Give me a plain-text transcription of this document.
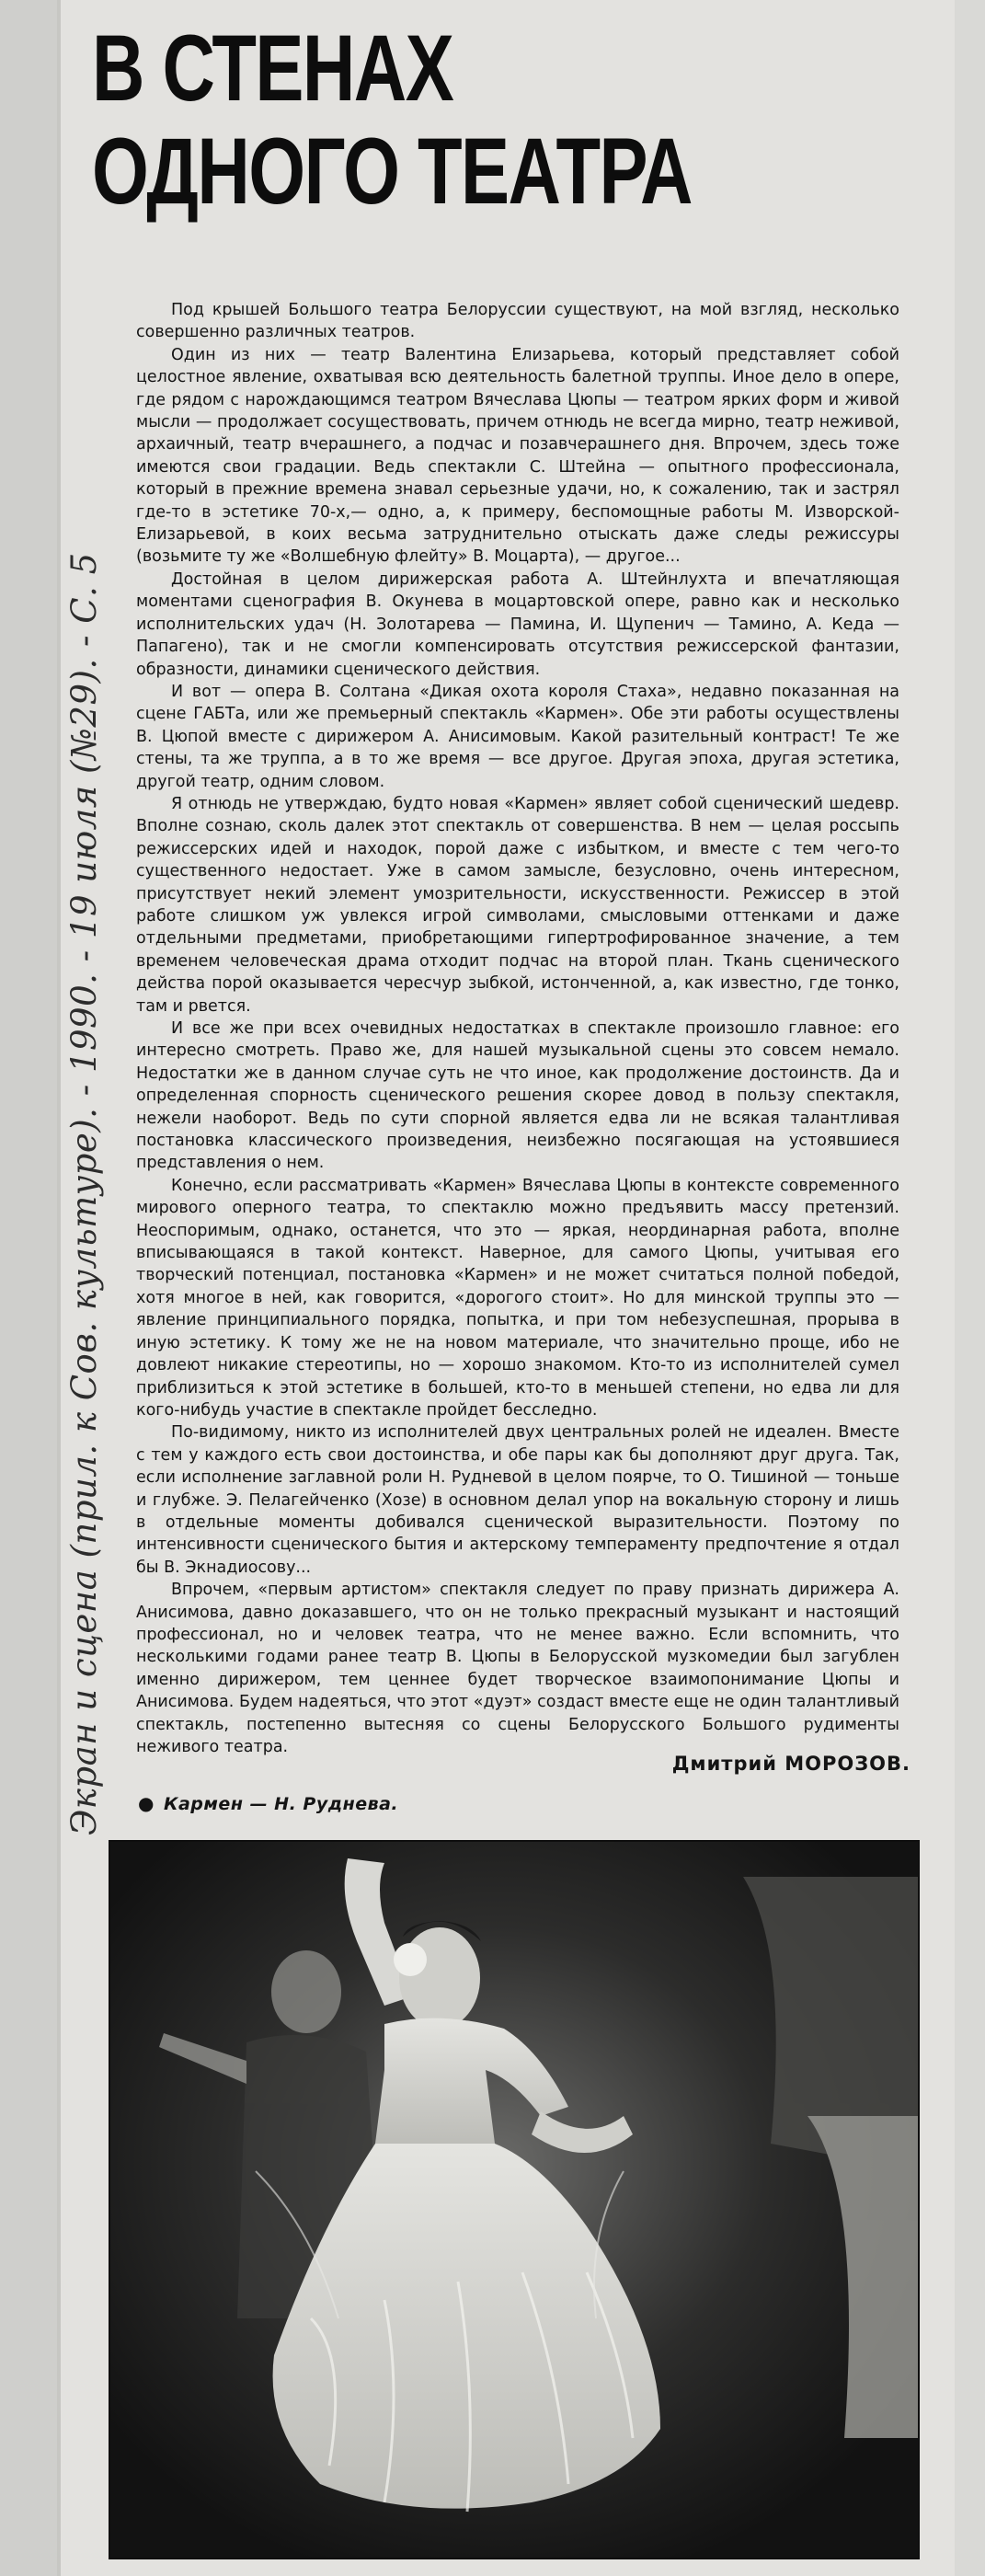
В СТЕНАХ
ОДНОГО ТЕАТРА

Под крышей Большого театра Белоруссии существуют, на мой взгляд, несколько совершенно различных театров.

Один из них — театр Валентина Елизарьева, который представляет собой целостное явление, охватывая всю деятельность балетной труппы. Иное дело в опере, где рядом с нарождающимся театром Вячеслава Цюпы — театром ярких форм и живой мысли — продолжает сосуществовать, причем отнюдь не всегда мирно, театр неживой, архаичный, театр вчерашнего, а подчас и позавчерашнего дня. Впрочем, здесь тоже имеются свои градации. Ведь спектакли С. Штейна — опытного профессионала, который в прежние времена знавал серьезные удачи, но, к сожалению, так и застрял где-то в эстетике 70-х,— одно, а, к примеру, беспомощные работы М. Изворской-Елизарьевой, в коих весьма затруднительно отыскать даже следы режиссуры (возьмите ту же «Волшебную флейту» В. Моцарта), — другое...

Достойная в целом дирижерская работа А. Штейнлухта и впечатляющая моментами сценография В. Окунева в моцартовской опере, равно как и несколько исполнительских удач (Н. Золотарева — Памина, И. Щупенич — Тамино, А. Кеда — Папагено), так и не смогли компенсировать отсутствия режиссерской фантазии, образности, динамики сценического действия.

И вот — опера В. Солтана «Дикая охота короля Стаха», недавно показанная на сцене ГАБТа, или же премьерный спектакль «Кармен». Обе эти работы осуществлены В. Цюпой вместе с дирижером А. Анисимовым. Какой разительный контраст! Те же стены, та же труппа, а в то же время — все другое. Другая эпоха, другая эстетика, другой театр, одним словом.

Я отнюдь не утверждаю, будто новая «Кармен» являет собой сценический шедевр. Вполне сознаю, сколь далек этот спектакль от совершенства. В нем — целая россыпь режиссерских идей и находок, порой даже с избытком, и вместе с тем чего-то существенного недостает. Уже в самом замысле, безусловно, очень интересном, присутствует некий элемент умозрительности, искусственности. Режиссер в этой работе слишком уж увлекся игрой символами, смысловыми оттенками и даже отдельными предметами, приобретающими гипертрофированное значение, а тем временем человеческая драма отходит подчас на второй план. Ткань сценического действа порой оказывается чересчур зыбкой, истонченной, а, как известно, где тонко, там и рвется.

И все же при всех очевидных недостатках в спектакле произошло главное: его интересно смотреть. Право же, для нашей музыкальной сцены это совсем немало. Недостатки же в данном случае суть не что иное, как продолжение достоинств. Да и определенная спорность сценического решения скорее довод в пользу спектакля, нежели наоборот. Ведь по сути спорной является едва ли не всякая талантливая постановка классического произведения, неизбежно посягающая на устоявшиеся представления о нем.

Конечно, если рассматривать «Кармен» Вячеслава Цюпы в контексте современного мирового оперного театра, то спектаклю можно предъявить массу претензий. Неоспоримым, однако, останется, что это — яркая, неординарная работа, вполне вписывающаяся в такой контекст. Наверное, для самого Цюпы, учитывая его творческий потенциал, постановка «Кармен» и не может считаться полной победой, хотя многое в ней, как говорится, «дорогого стоит». Но для минской труппы это — явление принципиального порядка, попытка, и при том небезуспешная, прорыва в иную эстетику. К тому же не на новом материале, что значительно проще, ибо не довлеют никакие стереотипы, но — хорошо знакомом. Кто-то из исполнителей сумел приблизиться к этой эстетике в большей, кто-то в меньшей степени, но едва ли для кого-нибудь участие в спектакле пройдет бесследно.

По-видимому, никто из исполнителей двух центральных ролей не идеален. Вместе с тем у каждого есть свои достоинства, и обе пары как бы дополняют друг друга. Так, если исполнение заглавной роли Н. Рудневой в целом поярче, то О. Тишиной — тоньше и глубже. Э. Пелагейченко (Хозе) в основном делал упор на вокальную сторону и лишь в отдельные моменты добивался сценической выразительности. Поэтому по интенсивности сценического бытия и актерскому темпераменту предпочтение я отдал бы В. Экнадиосову...

Впрочем, «первым артистом» спектакля следует по праву признать дирижера А. Анисимова, давно доказавшего, что он не только прекрасный музыкант и настоящий профессионал, но и человек театра, что не менее важно. Если вспомнить, что несколькими годами ранее театр В. Цюпы в Белорусской музкомедии был загублен именно дирижером, тем ценнее будет творческое взаимопонимание Цюпы и Анисимова. Будем надеяться, что этот «дуэт» создаст вместе еще не один талантливый спектакль, постепенно вытесняя со сцены Белорусского Большого рудименты неживого театра.

Дмитрий МОРОЗОВ.
● Кармен — Н. Руднева.
Экран и сцена (прил. к Сов. культуре). - 1990. - 19 июля (№29). - С. 5
